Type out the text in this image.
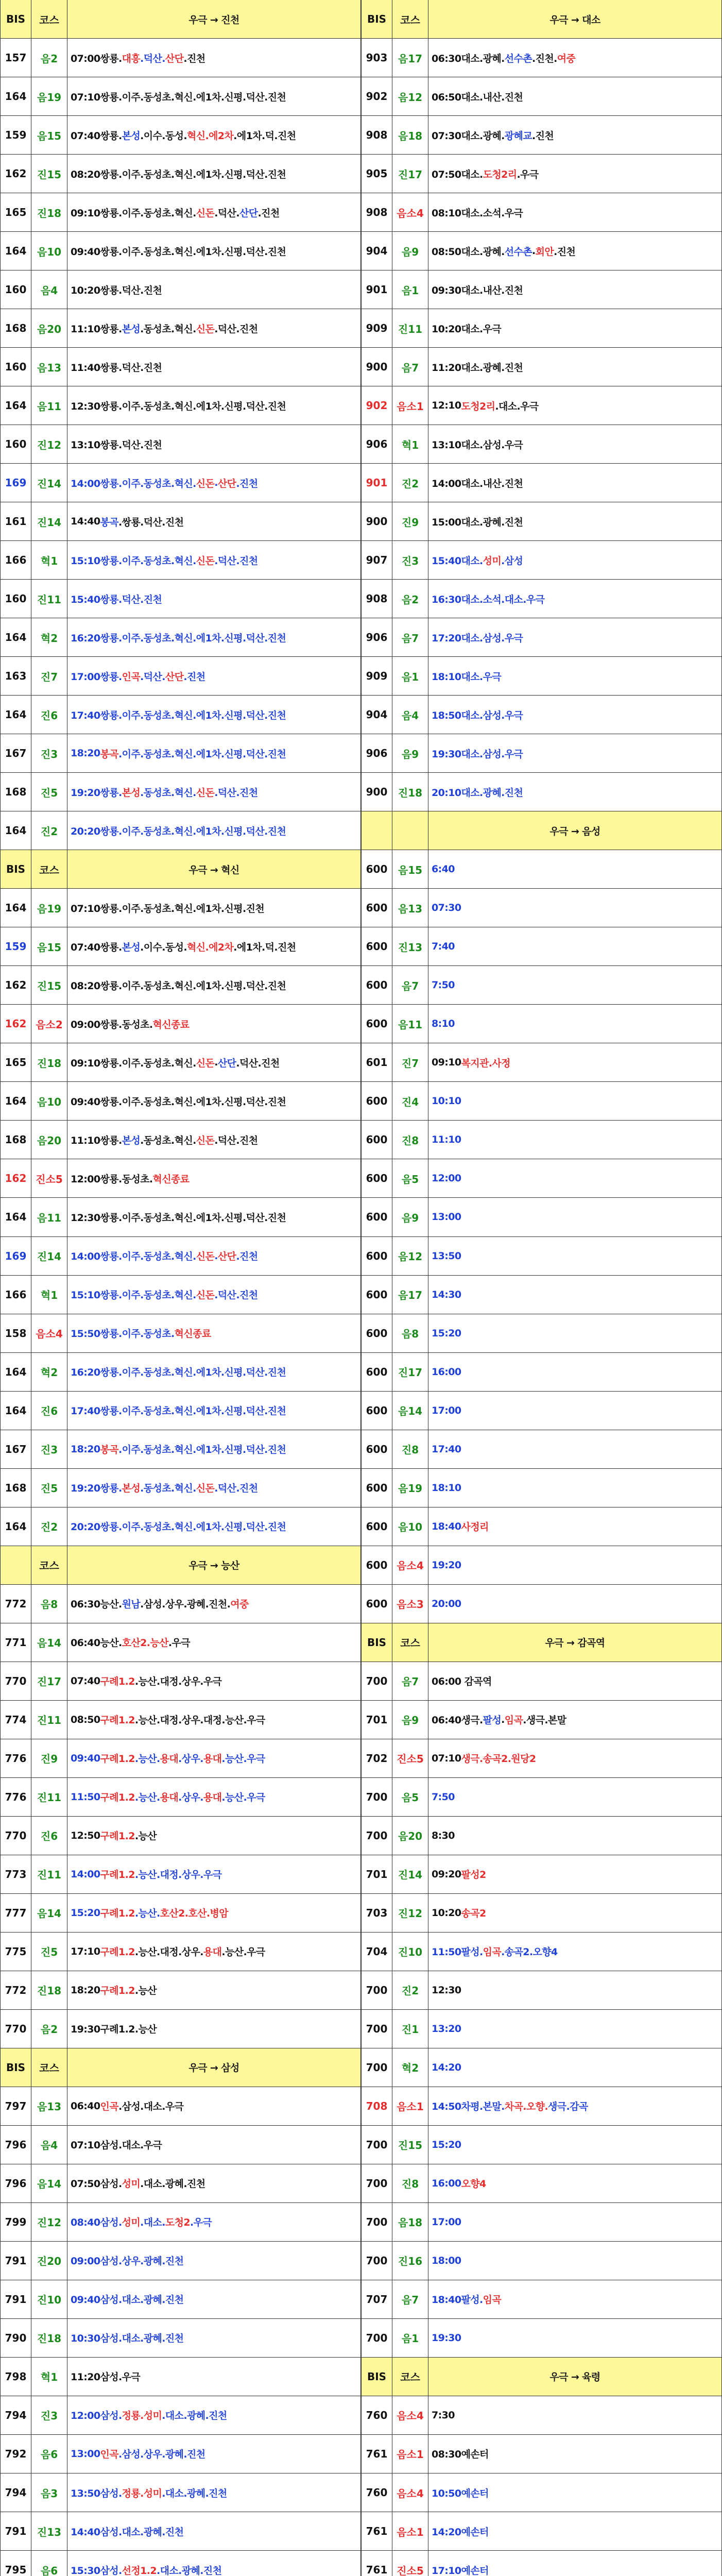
BIS	코스	우극 → 진천
157	음2	07:00쌍룡. 대흥 .덕산. 산단 .진천
164	음19 07:10쌍룡.이주.동성초.혁신.에1차.신평.덕산.진천
159	음15 07:40쌍룡. 본성 .이수.동성. 혁신.에2차 .에1차.덕.진천
162	진15 08:20쌍룡.이주.동성초.혁신.에1차.신평.덕산.진천
165	진18 09:10쌍룡.이주.동성초.혁신. 신돈 .덕산. 산단 .진천
164	음10 09:40쌍룡.이주.동성초.혁신.에1차.신평.덕산.진천
160	음4	10:20쌍룡.덕산.진천
168	음20 11:10쌍룡. 본성 .동성초.혁신. 신돈 .덕산.진천
160	음13 11:40쌍룡.덕산.진천
164	음11 12:30쌍룡.이주.동성초.혁신.에1차.신평.덕산.진천
160	진12 13:10쌍룡.덕산.진천
169	진14 14:00쌍룡.이주.동성초.혁신. 신돈 . 산단 .진천
161	진14 14:40 봉곡 .쌍룡.덕산.진천
166	혁1	15:10쌍룡.이주.동성초.혁신. 신돈 .덕산.진천
160	진11 15:40쌍룡.덕산.진천
164	혁2	16:20쌍룡.이주.동성초.혁신.에1차.신평.덕산.진천
163	진7	17:00쌍룡. 인곡 .덕산. 산단 .진천
164	진6	17:40쌍룡.이주.동성초.혁신.에1차.신평.덕산.진천
167	진3	18:20 봉곡 .이주.동성초.혁신.에1차.신평.덕산.진천
168	진5	19:20쌍룡. 본성 .동성초.혁신. 신돈 .덕산.진천
164	진2	20:20쌍룡.이주.동성초.혁신.에1차.신평.덕산.진천
BIS	코스	우극 → 혁신
164	음19 07:10쌍룡.이주.동성초.혁신.에1차.신평.진천
159	음15 07:40쌍룡. 본성 .이수.동성. 혁신.에2차 .에1차.덕.진천
162	진15 08:20쌍룡.이주.동성초.혁신.에1차.신평.덕산.진천
162 음소2 09:00쌍룡.동성초. 혁신종료
165	진18 09:10쌍룡.이주.동성초.혁신. 신돈 . 산단 .덕산.진천
164	음10 09:40쌍룡.이주.동성초.혁신.에1차.신평.덕산.진천
168	음20 11:10쌍룡. 본성 .동성초.혁신. 신돈 .덕산.진천
162 진소5 12:00쌍룡.동성초. 혁신종료
164	음11 12:30쌍룡.이주.동성초.혁신.에1차.신평.덕산.진천
169	진14 14:00쌍룡.이주.동성초.혁신. 신돈 . 산단 .진천
166	혁1	15:10쌍룡.이주.동성초.혁신. 신돈 .덕산.진천
158 음소4 15:50쌍룡.이주.동성초. 혁신종료
164	혁2	16:20쌍룡.이주.동성초.혁신.에1차.신평.덕산.진천
164	진6	17:40쌍룡.이주.동성초.혁신.에1차.신평.덕산.진천
167	진3	18:20 봉곡 .이주.동성초.혁신.에1차.신평.덕산.진천
168	진5	19:20쌍룡. 본성 .동성초.혁신. 신돈 .덕산.진천
164	진2	20:20쌍룡.이주.동성초.혁신.에1차.신평.덕산.진천
코스	우극 → 능산
772	음8	06:30능산. 원남 .삼성.상우.광혜.진천. 여중
771	음14 06:40능산. 호산2.능산 .우극
770	진17 07:40 구례1.2 .능산.대정.상우.우극
774	진11 08:50 구례1.2 .능산.대정.상우.대정.능산.우극
776	진9	09:40 구례1.2 .능산. 용대 .상우. 용대 .능산.우극
776	진11 11:50 구례1.2 .능산. 용대 .상우. 용대 .능산.우극
770	진6	12:50 구례1.2 .능산
773	진11 14:00 구례1.2 .능산.대정.상우.우극
777	음14 15:20 구례1.2 .능산. 호산2.호산.병암
775	진5	17:10 구례1.2 .능산.대정.상우. 용대 .능산.우극
772	진18 18:20 구례1.2 .능산
770	음2	19:30구례1.2.능산
BIS	코스	우극 → 삼성
797	음13 06:40 인곡 .삼성.대소.우극
796	음4	07:10삼성.대소.우극
796	음14 07:50삼성. 성미 .대소.광혜.진천
799	진12 08:40삼성. 성미 .대소. 도청2 .우극
791	진20 09:00삼성.상우.광혜.진천
791	진10 09:40삼성.대소.광혜.진천
790	진18 10:30삼성.대소.광혜.진천
798	혁1	11:20삼성.우극
794	진3	12:00삼성. 정룡.성미 .대소.광혜.진천
792	음6	13:00 인곡 .삼성.상우.광혜.진천
794	음3	13:50삼성. 정룡.성미 .대소.광혜.진천
791	진13 14:40삼성.대소.광혜.진천
795	음6	15:30삼성. 선정1.2 .대소.광혜.진천
BIS	코스	우극 → 대소
903	음17 06:30대소.광혜. 선수촌 .진천. 여중
902	음12 06:50대소.내산.진천
908	음18 07:30대소.광혜. 광혜교 .진천
905	진17 07:50대소. 도청2리 .우극
908 음소4 08:10대소.소석.우극
904	음9	08:50대소.광혜. 선수촌 . 회안 .진천
901	음1	09:30대소.내산.진천
909	진11 10:20대소.우극
900	음7	11:20대소.광혜.진천
902 음소1 12:10 도청2리 .대소.우극
906	혁1	13:10대소.삼성.우극
901	진2	14:00대소.내산.진천
900	진9	15:00대소.광혜.진천
907	진3	15:40대소. 성미 .삼성
908	음2	16:30대소.소석.대소.우극
906	음7	17:20대소.삼성.우극
909	음1	18:10대소.우극
904	음4	18:50대소.삼성.우극
906	음9	19:30대소.삼성.우극
900	진18 20:10대소.광혜.진천
우극 → 음성
600	음15 6:40
600	음13 07:30
600	진13 7:40
600	음7	7:50
600	음11 8:10
601	진7	09:10 복지관.사정
600	진4	10:10
600	진8	11:10
600	음5	12:00
600	음9	13:00
600	음12 13:50
600	음17 14:30
600	음8	15:20
600	진17 16:00
600	음14 17:00
600	진8	17:40
600	음19 18:10
600	음10 18:40 사정리
600 음소4 19:20
600 음소3 20:00
BIS	코스	우극 → 감곡역
700	음7	06:00 감곡역
701	음9	06:40생극. 팔성 . 임곡 .생극.본말
702 진소5 07:10 생극.송곡2.원당2
700	음5	7:50
700	음20 8:30
701	진14 09:20 팔성2
703	진12 10:20 송곡2
704	진10 11:50팔성. 임곡 .송곡2.오향4
700	진2	12:30
700	진1	13:20
700	혁2	14:20
708 음소1 14:50차평.본말. 차곡.오향. 생극.감곡
700	진15 15:20
700	진8	16:00 오향4
700	음18 17:00
700	진16 18:00
707	음7	18:40팔성. 임곡
700	음1	19:30
BIS	코스	우극 → 육령
760 음소4 7:30
761 음소1 08:30예손터
760 음소4 10:50예손터
761 음소1 14:20예손터
761 진소5 17:10예손터
